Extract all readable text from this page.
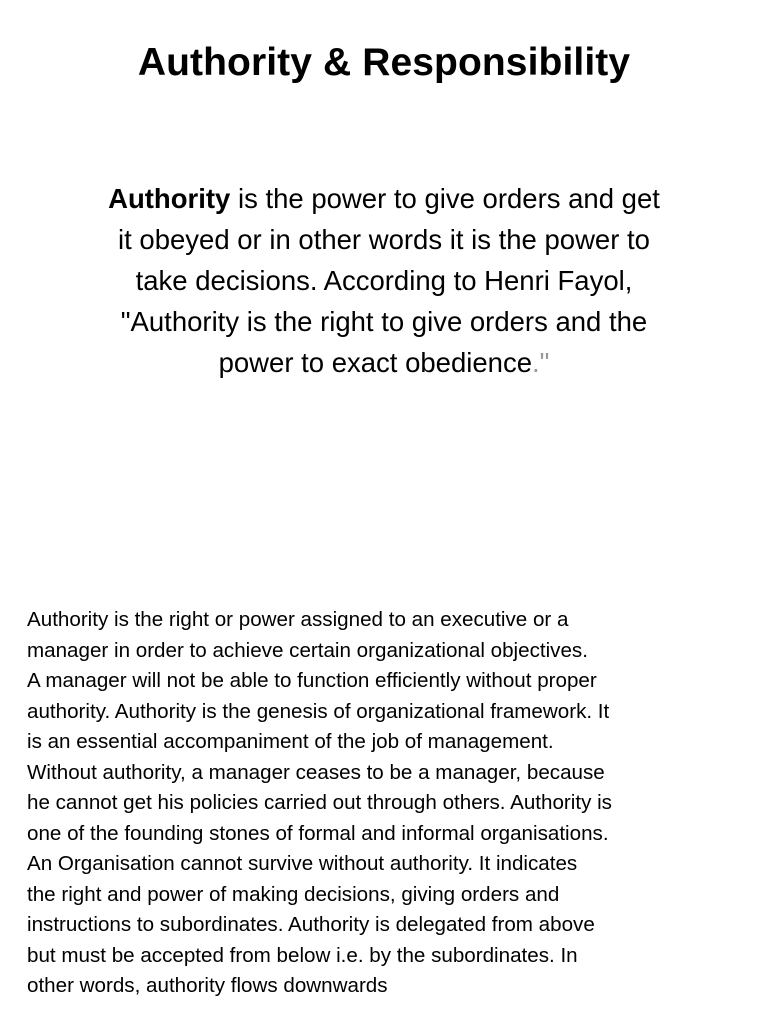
Authority & Responsibility

Authority is the power to give orders and get it obeyed or in other words it is the power to take decisions. According to Henri Fayol, "Authority is the right to give orders and the power to exact obedience."

Authority is the right or power assigned to an executive or a
manager in order to achieve certain organizational objectives.
A manager will not be able to function efficiently without proper
authority. Authority is the genesis of organizational framework. It
is an essential accompaniment of the job of management.
Without authority, a manager ceases to be a manager, because
he cannot get his policies carried out through others. Authority is
one of the founding stones of formal and informal organisations.
An Organisation cannot survive without authority. It indicates
the right and power of making decisions, giving orders and
instructions to subordinates. Authority is delegated from above
but must be accepted from below i.e. by the subordinates. In
other words, authority flows downwards
